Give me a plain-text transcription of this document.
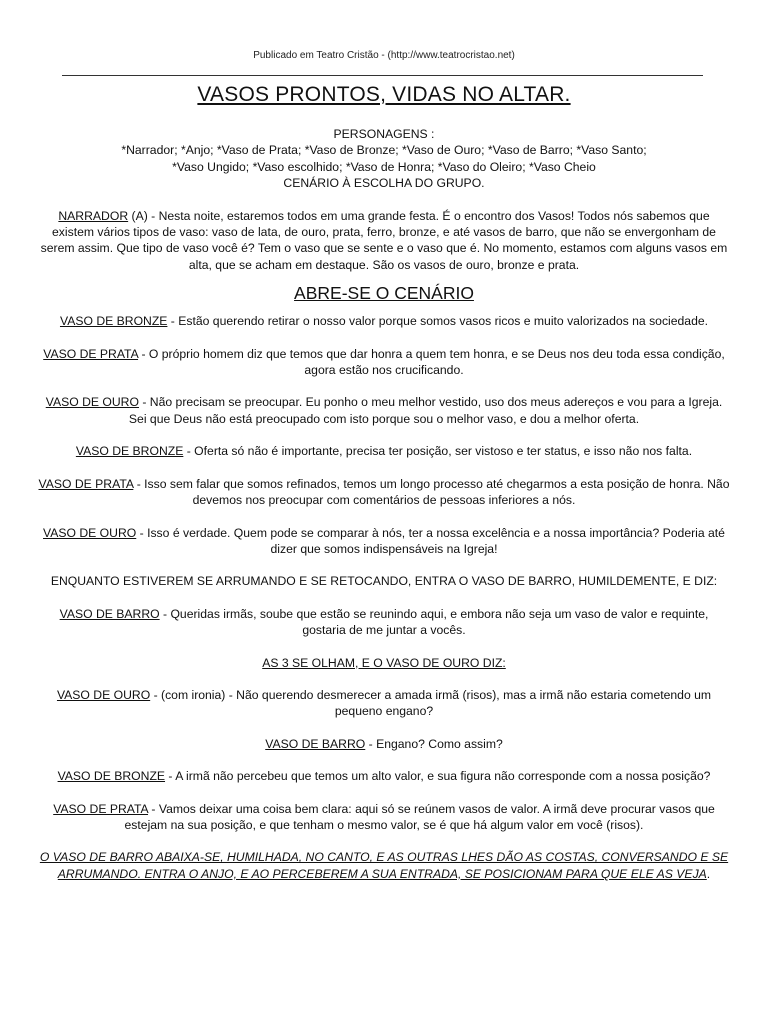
Publicado em Teatro Cristão - (http://www.teatrocristao.net)
VASOS PRONTOS, VIDAS NO ALTAR.

PERSONAGENS :

*Narrador; *Anjo; *Vaso de Prata; *Vaso de Bronze; *Vaso de Ouro; *Vaso de Barro; *Vaso Santo;

*Vaso Ungido; *Vaso escolhido; *Vaso de Honra; *Vaso do Oleiro; *Vaso Cheio

CENÁRIO À ESCOLHA DO GRUPO.

NARRADOR (A) - Nesta noite, estaremos todos em uma grande festa. É o encontro dos Vasos! Todos nós sabemos que existem vários tipos de vaso: vaso de lata, de ouro, prata, ferro, bronze, e até vasos de barro, que não se envergonham de serem assim. Que tipo de vaso você é? Tem o vaso que se sente e o vaso que é. No momento, estamos com alguns vasos em alta, que se acham em destaque. São os vasos de ouro, bronze e prata.

ABRE-SE O CENÁRIO

VASO DE BRONZE - Estão querendo retirar o nosso valor porque somos vasos ricos e muito valorizados na sociedade.

VASO DE PRATA - O próprio homem diz que temos que dar honra a quem tem honra, e se Deus nos deu toda essa condição, agora estão nos crucificando.

VASO DE OURO - Não precisam se preocupar. Eu ponho o meu melhor vestido, uso dos meus adereços e vou para a Igreja. Sei que Deus não está preocupado com isto porque sou o melhor vaso, e dou a melhor oferta.

VASO DE BRONZE - Oferta só não é importante, precisa ter posição, ser vistoso e ter status, e isso não nos falta.

VASO DE PRATA - Isso sem falar que somos refinados, temos um longo processo até chegarmos a esta posição de honra. Não devemos nos preocupar com comentários de pessoas inferiores a nós.

VASO DE OURO - Isso é verdade. Quem pode se comparar à nós, ter a nossa excelência e a nossa importância? Poderia até dizer que somos indispensáveis na Igreja!

ENQUANTO ESTIVEREM SE ARRUMANDO E SE RETOCANDO, ENTRA O VASO DE BARRO, HUMILDEMENTE, E DIZ:

VASO DE BARRO - Queridas irmãs, soube que estão se reunindo aqui, e embora não seja um vaso de valor e requinte, gostaria de me juntar a vocês.

AS 3 SE OLHAM, E O VASO DE OURO DIZ:

VASO DE OURO - (com ironia) - Não querendo desmerecer a amada irmã (risos), mas a irmã não estaria cometendo um pequeno engano?

VASO DE BARRO - Engano? Como assim?

VASO DE BRONZE - A irmã não percebeu que temos um alto valor, e sua figura não corresponde com a nossa posição?

VASO DE PRATA - Vamos deixar uma coisa bem clara: aqui só se reúnem vasos de valor. A irmã deve procurar vasos que estejam na sua posição, e que tenham o mesmo valor, se é que há algum valor em você (risos).

O VASO DE BARRO ABAIXA-SE, HUMILHADA, NO CANTO, E AS OUTRAS LHES DÃO AS COSTAS, CONVERSANDO E SE ARRUMANDO. ENTRA O ANJO, E AO PERCEBEREM A SUA ENTRADA, SE POSICIONAM PARA QUE ELE AS VEJA.
